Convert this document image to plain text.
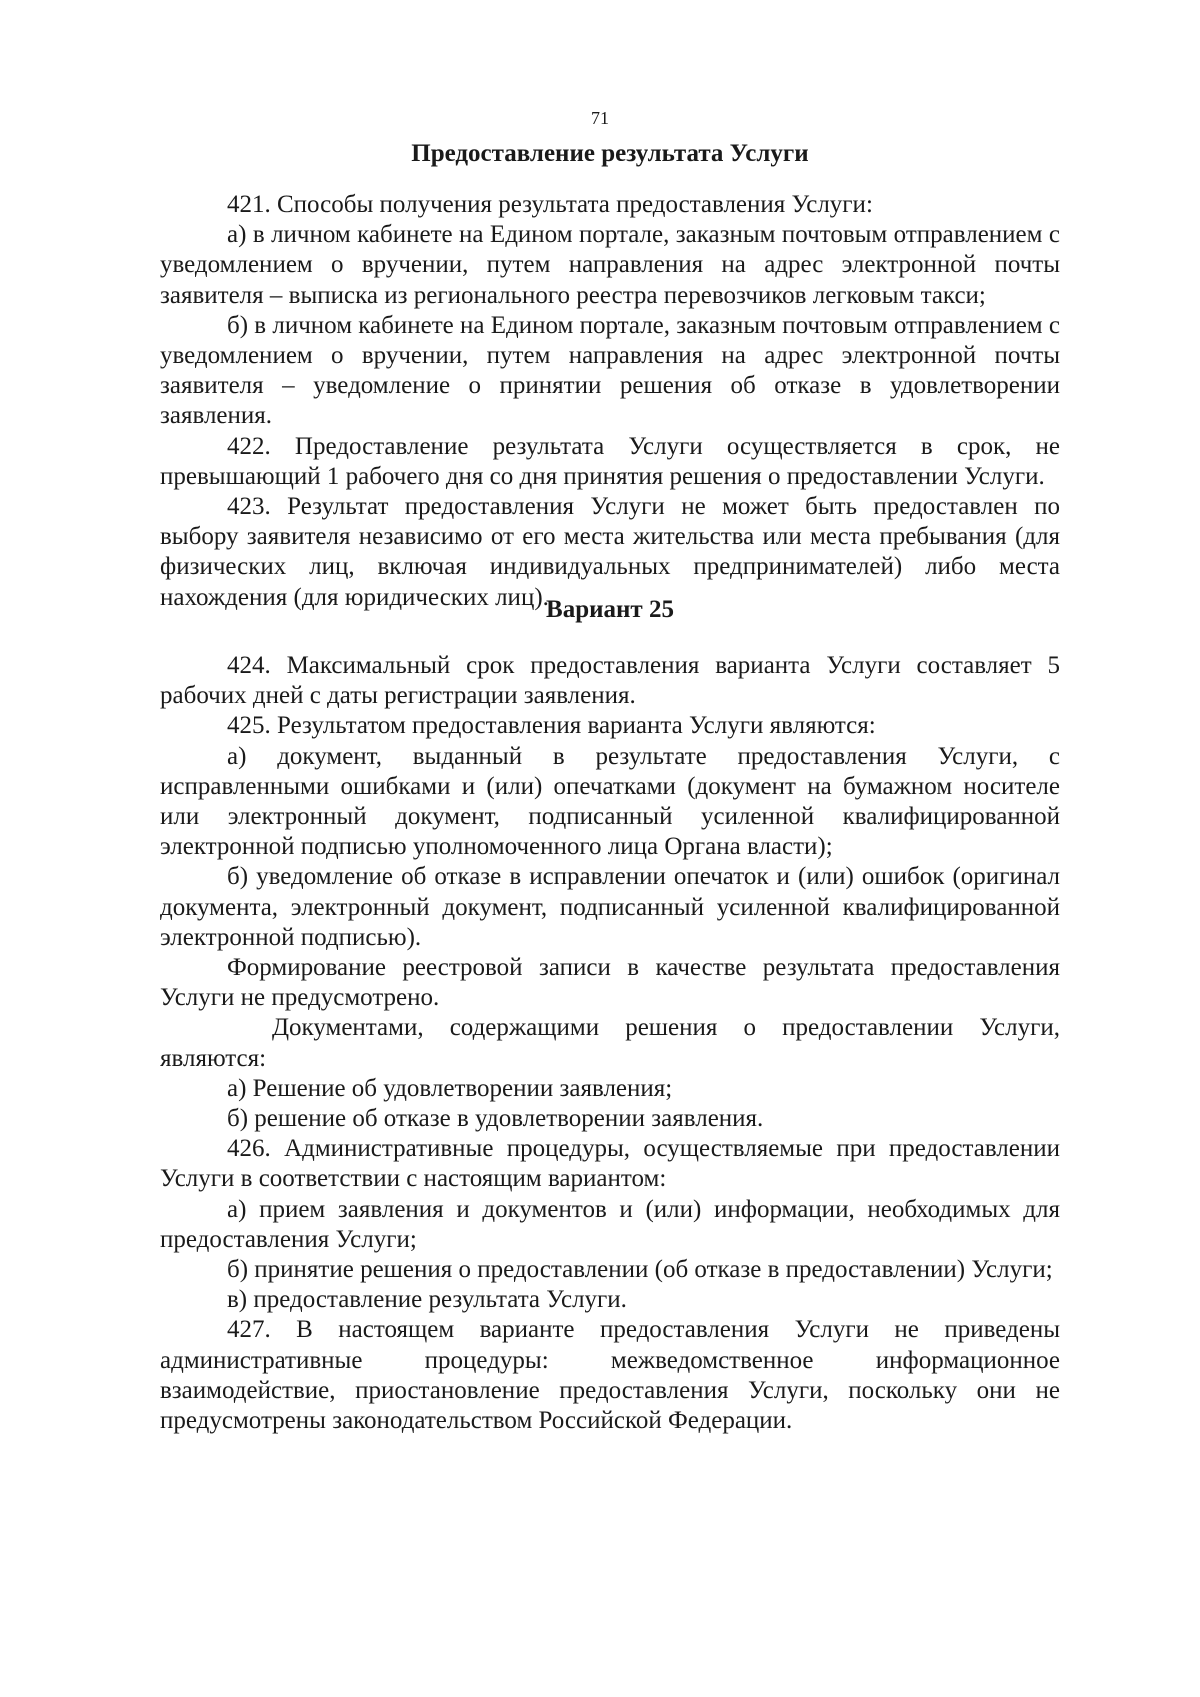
71
Предоставление результата Услуги

421. Способы получения результата предоставления Услуги:

а) в личном кабинете на Едином портале, заказным почтовым отправлением с уведомлением о вручении, путем направления на адрес электронной почты заявителя – выписка из регионального реестра перевозчиков легковым такси;

б) в личном кабинете на Едином портале, заказным почтовым отправлением с уведомлением о вручении, путем направления на адрес электронной почты заявителя – уведомление о принятии решения об отказе в удовлетворении заявления.

422. Предоставление результата Услуги осуществляется в срок, не превышающий 1 рабочего дня со дня принятия решения о предоставлении Услуги.

423. Результат предоставления Услуги не может быть предоставлен по выбору заявителя независимо от его места жительства или места пребывания (для физических лиц, включая индивидуальных предпринимателей) либо места нахождения (для юридических лиц).

Вариант 25

424. Максимальный срок предоставления варианта Услуги составляет 5 рабочих дней с даты регистрации заявления.

425. Результатом предоставления варианта Услуги являются:

а) документ, выданный в результате предоставления Услуги, с исправленными ошибками и (или) опечатками (документ на бумажном носителе или электронный документ, подписанный усиленной квалифицированной электронной подписью уполномоченного лица Органа власти);

б) уведомление об отказе в исправлении опечаток и (или) ошибок (оригинал документа, электронный документ, подписанный усиленной квалифицированной электронной подписью).

Формирование реестровой записи в качестве результата предоставления Услуги не предусмотрено.

Документами, содержащими решения о предоставлении Услуги, являются:

а) Решение об удовлетворении заявления;

б) решение об отказе в удовлетворении заявления.

426. Административные процедуры, осуществляемые при предоставлении Услуги в соответствии с настоящим вариантом:

а) прием заявления и документов и (или) информации, необходимых для предоставления Услуги;

б) принятие решения о предоставлении (об отказе в предоставлении) Услуги;

в) предоставление результата Услуги.

427. В настоящем варианте предоставления Услуги не приведены административные процедуры: межведомственное информационное взаимодействие, приостановление предоставления Услуги, поскольку они не предусмотрены законодательством Российской Федерации.
